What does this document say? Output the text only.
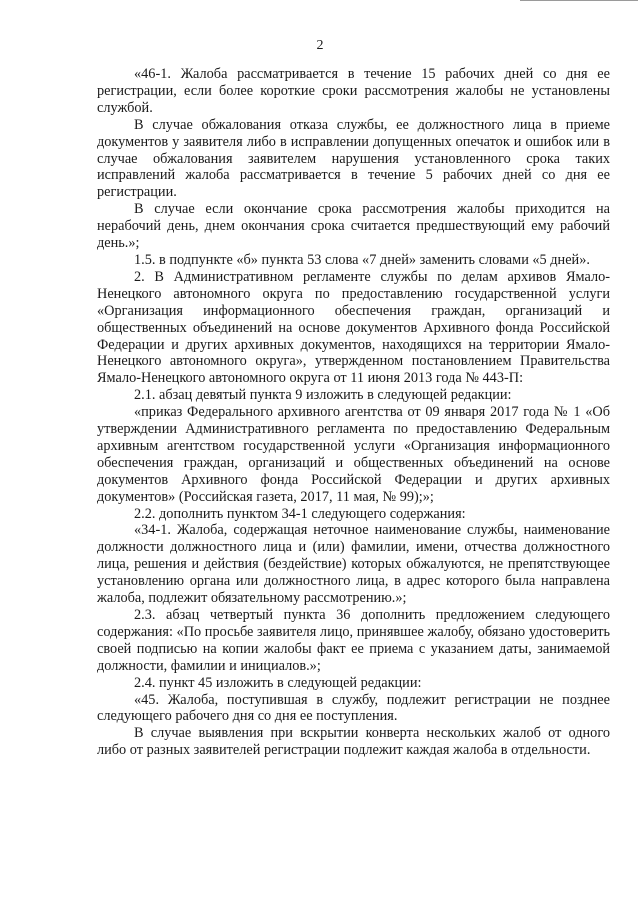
2

«46-1. Жалоба рассматривается в течение 15 рабочих дней со дня ее регистрации, если более короткие сроки рассмотрения жалобы не установлены службой.

В случае обжалования отказа службы, ее должностного лица в приеме документов у заявителя либо в исправлении допущенных опечаток и ошибок или в случае обжалования заявителем нарушения установленного срока таких исправлений жалоба рассматривается в течение 5 рабочих дней со дня ее регистрации.

В случае если окончание срока рассмотрения жалобы приходится на нерабочий день, днем окончания срока считается предшествующий ему рабочий день.»;

1.5. в подпункте «б» пункта 53 слова «7 дней» заменить словами «5 дней».

2. В Административном регламенте службы по делам архивов Ямало-Ненецкого автономного округа по предоставлению государственной услуги «Организация информационного обеспечения граждан, организаций и общественных объединений на основе документов Архивного фонда Российской Федерации и других архивных документов, находящихся на территории Ямало-Ненецкого автономного округа», утвержденном постановлением Правительства Ямало-Ненецкого автономного округа от 11 июня 2013 года № 443-П:

2.1. абзац девятый пункта 9 изложить в следующей редакции:

«приказ Федерального архивного агентства от 09 января 2017 года № 1 «Об утверждении Административного регламента по предоставлению Федеральным архивным агентством государственной услуги «Организация информационного обеспечения граждан, организаций и общественных объединений на основе документов Архивного фонда Российской Федерации и других архивных документов» (Российская газета, 2017, 11 мая, № 99);»;

2.2. дополнить пунктом 34-1 следующего содержания:

«34-1. Жалоба, содержащая неточное наименование службы, наименование должности должностного лица и (или) фамилии, имени, отчества должностного лица, решения и действия (бездействие) которых обжалуются, не препятствующее установлению органа или должностного лица, в адрес которого была направлена жалоба, подлежит обязательному рассмотрению.»;

2.3. абзац четвертый пункта 36 дополнить предложением следующего содержания: «По просьбе заявителя лицо, принявшее жалобу, обязано удостоверить своей подписью на копии жалобы факт ее приема с указанием даты, занимаемой должности, фамилии и инициалов.»;

2.4. пункт 45 изложить в следующей редакции:

«45. Жалоба, поступившая в службу, подлежит регистрации не позднее следующего рабочего дня со дня ее поступления.

В случае выявления при вскрытии конверта нескольких жалоб от одного либо от разных заявителей регистрации подлежит каждая жалоба в отдельности.
